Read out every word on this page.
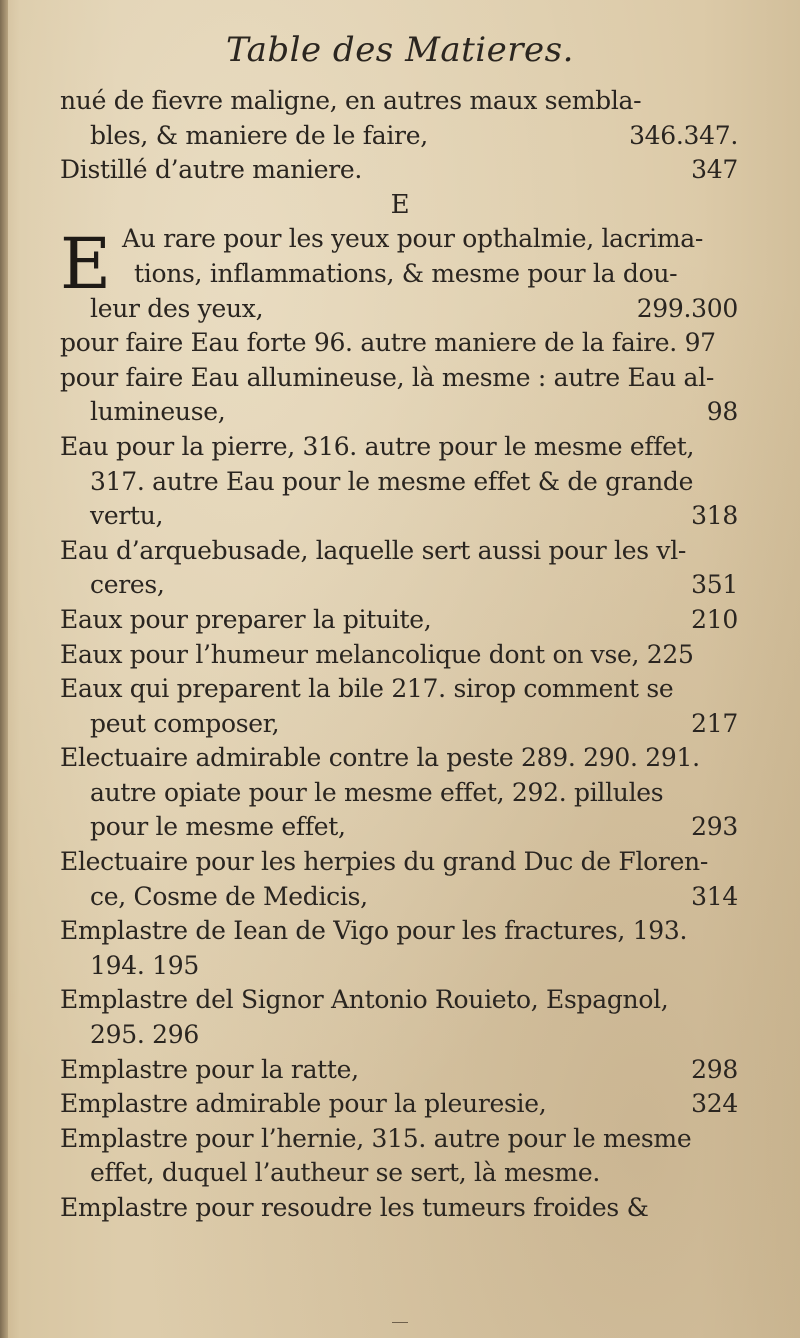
Table des Matieres.
E
nué de fievre maligne, en autres maux sembla-
bles, & maniere de le faire,	346.347.
Distillé d’autre maniere.	347
E
Au rare pour les yeux pour opthalmie, lacrima-
tions, inflammations, & mesme pour la dou-
leur des yeux,	299.300
pour faire Eau forte 96. autre maniere de la faire. 97
pour faire Eau allumineuse, là mesme : autre Eau al-
lumineuse,	98
Eau pour la pierre, 316. autre pour le mesme effet,
317. autre Eau pour le mesme effet & de grande
vertu,	318
Eau d’arquebusade, laquelle sert aussi pour les vl-
ceres,	351
Eaux pour preparer la pituite,	210
Eaux pour l’humeur melancolique dont on vse, 225
Eaux qui preparent la bile 217. sirop comment se
peut composer,	217
Electuaire admirable contre la peste 289. 290. 291.
autre opiate pour le mesme effet, 292. pillules
pour le mesme effet,	293
Electuaire pour les herpies du grand Duc de Floren-
ce, Cosme de Medicis,	314
Emplastre de Iean de Vigo pour les fractures, 193.
194. 195
Emplastre del Signor Antonio Rouieto, Espagnol,
295. 296
Emplastre pour la ratte,	298
Emplastre admirable pour la pleuresie,	324
Emplastre pour l’hernie, 315. autre pour le mesme
effet, duquel l’autheur se sert, là mesme.
Emplastre pour resoudre les tumeurs froides &
